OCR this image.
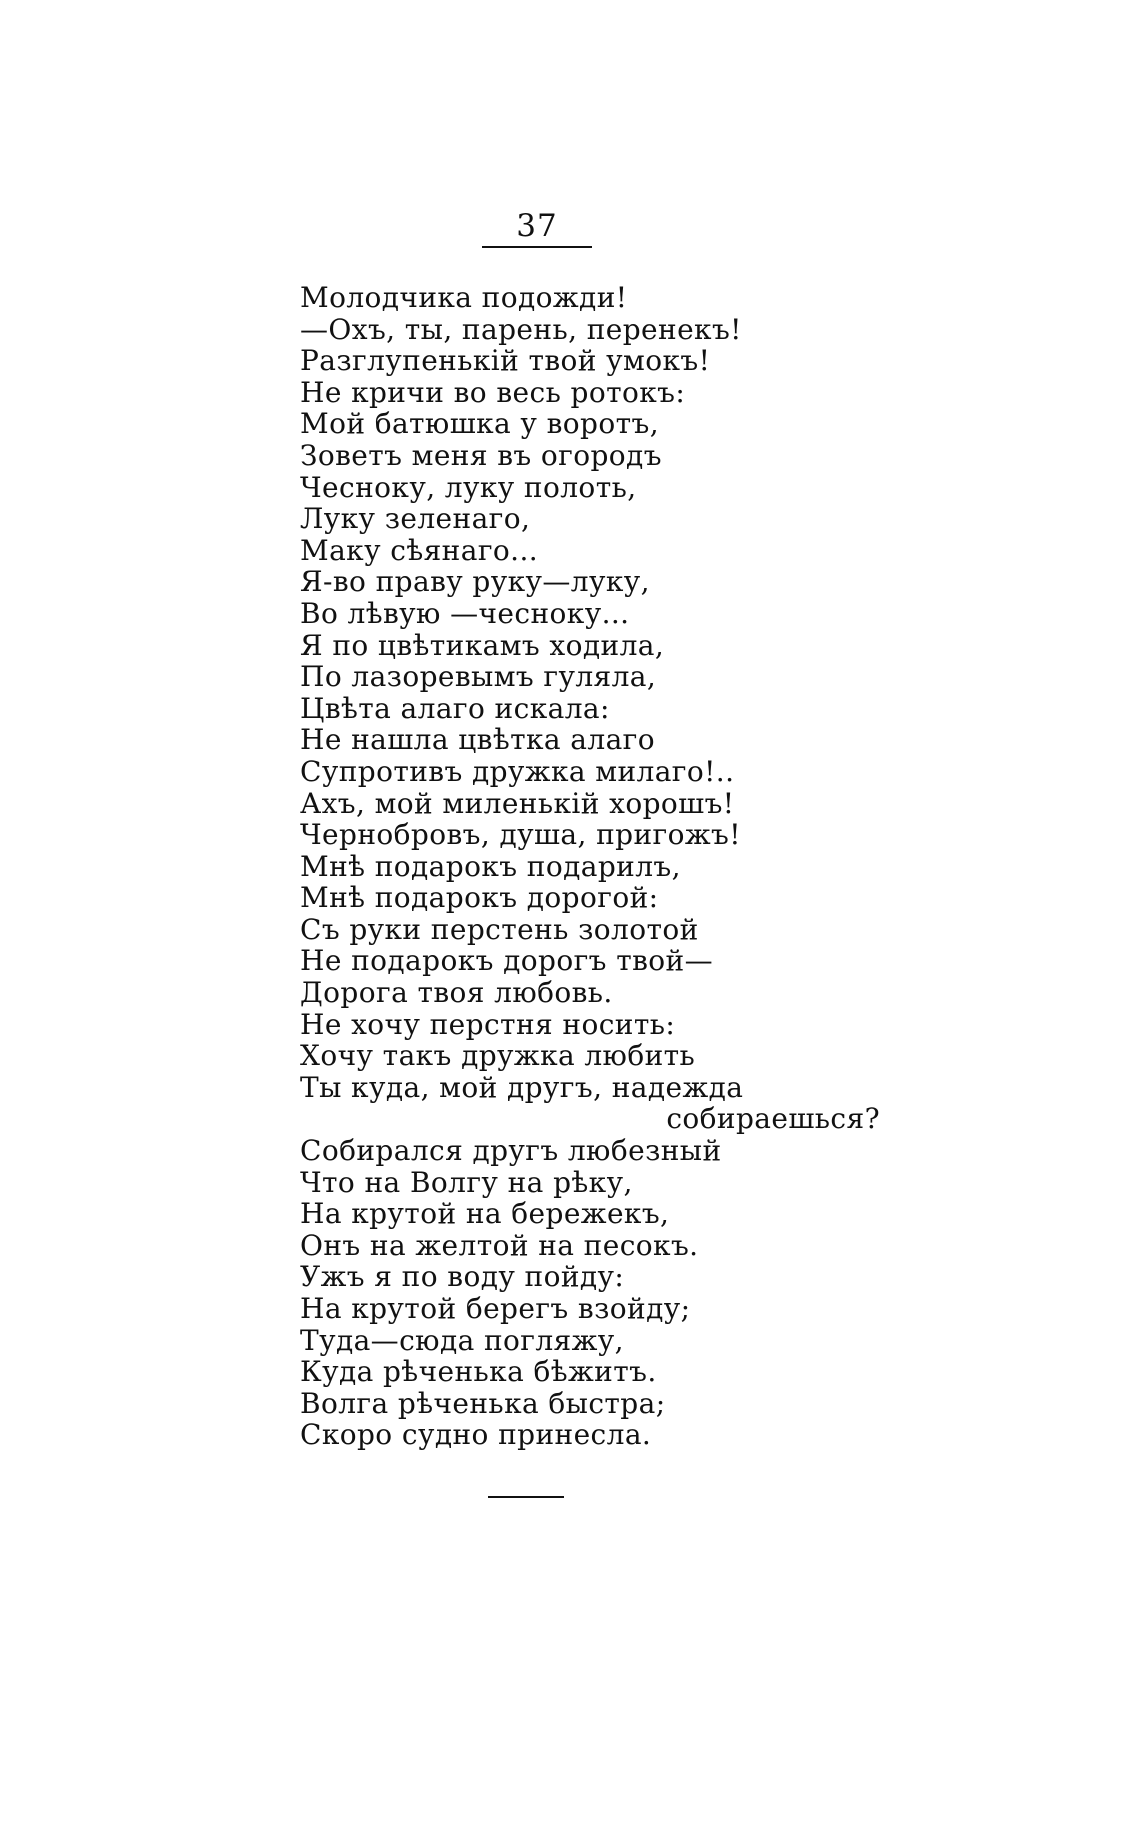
37
Молодчика подожди!
—Охъ, ты, парень, перенекъ!
Разглупенькій твой умокъ!
Не кричи во весь ротокъ:
Мой батюшка у воротъ,
Зоветъ меня въ огородъ
Чесноку, луку полоть,
Луку зеленаго,
Маку сѣянаго...
Я-во праву руку—луку,
Во лѣвую —чесноку...
Я по цвѣтикамъ ходила,
По лазоревымъ гуляла,
Цвѣта алаго искала:
Не нашла цвѣтка алаго
Супротивъ дружка милаго!..
Ахъ, мой миленькій хорошъ!
Чернобровъ, душа, пригожъ!
Мнѣ подарокъ подарилъ,
Мнѣ подарокъ дорогой:
Съ руки перстень золотой
Не подарокъ дорогъ твой—
Дорога твоя любовь.
Не хочу перстня носить:
Хочу такъ дружка любить
Ты куда, мой другъ, надежда
собираешься?
Собирался другъ любезный
Что на Волгу на рѣку,
На крутой на бережекъ,
Онъ на желтой на песокъ.
Ужъ я по воду пойду:
На крутой берегъ взойду;
Туда—сюда погляжу,
Куда рѣченька бѣжитъ.
Волга рѣченька быстра;
Скоро судно принесла.
